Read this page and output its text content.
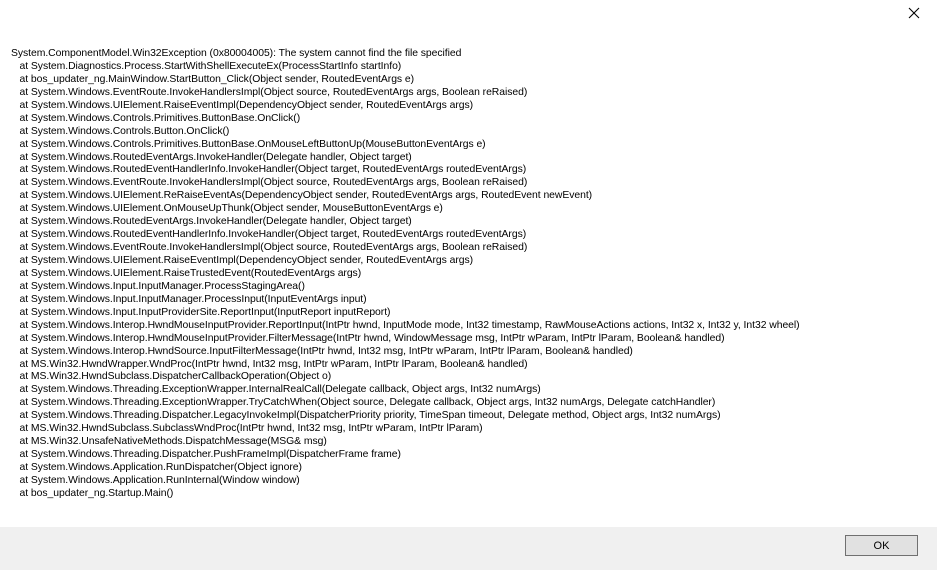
System.ComponentModel.Win32Exception (0x80004005): The system cannot find the file specified
at System.Diagnostics.Process.StartWithShellExecuteEx(ProcessStartInfo startInfo)
at bos_updater_ng.MainWindow.StartButton_Click(Object sender, RoutedEventArgs e)
at System.Windows.EventRoute.InvokeHandlersImpl(Object source, RoutedEventArgs args, Boolean reRaised)
at System.Windows.UIElement.RaiseEventImpl(DependencyObject sender, RoutedEventArgs args)
at System.Windows.Controls.Primitives.ButtonBase.OnClick()
at System.Windows.Controls.Button.OnClick()
at System.Windows.Controls.Primitives.ButtonBase.OnMouseLeftButtonUp(MouseButtonEventArgs e)
at System.Windows.RoutedEventArgs.InvokeHandler(Delegate handler, Object target)
at System.Windows.RoutedEventHandlerInfo.InvokeHandler(Object target, RoutedEventArgs routedEventArgs)
at System.Windows.EventRoute.InvokeHandlersImpl(Object source, RoutedEventArgs args, Boolean reRaised)
at System.Windows.UIElement.ReRaiseEventAs(DependencyObject sender, RoutedEventArgs args, RoutedEvent newEvent)
at System.Windows.UIElement.OnMouseUpThunk(Object sender, MouseButtonEventArgs e)
at System.Windows.RoutedEventArgs.InvokeHandler(Delegate handler, Object target)
at System.Windows.RoutedEventHandlerInfo.InvokeHandler(Object target, RoutedEventArgs routedEventArgs)
at System.Windows.EventRoute.InvokeHandlersImpl(Object source, RoutedEventArgs args, Boolean reRaised)
at System.Windows.UIElement.RaiseEventImpl(DependencyObject sender, RoutedEventArgs args)
at System.Windows.UIElement.RaiseTrustedEvent(RoutedEventArgs args)
at System.Windows.Input.InputManager.ProcessStagingArea()
at System.Windows.Input.InputManager.ProcessInput(InputEventArgs input)
at System.Windows.Input.InputProviderSite.ReportInput(InputReport inputReport)
at System.Windows.Interop.HwndMouseInputProvider.ReportInput(IntPtr hwnd, InputMode mode, Int32 timestamp, RawMouseActions actions, Int32 x, Int32 y, Int32 wheel)
at System.Windows.Interop.HwndMouseInputProvider.FilterMessage(IntPtr hwnd, WindowMessage msg, IntPtr wParam, IntPtr lParam, Boolean& handled)
at System.Windows.Interop.HwndSource.InputFilterMessage(IntPtr hwnd, Int32 msg, IntPtr wParam, IntPtr lParam, Boolean& handled)
at MS.Win32.HwndWrapper.WndProc(IntPtr hwnd, Int32 msg, IntPtr wParam, IntPtr lParam, Boolean& handled)
at MS.Win32.HwndSubclass.DispatcherCallbackOperation(Object o)
at System.Windows.Threading.ExceptionWrapper.InternalRealCall(Delegate callback, Object args, Int32 numArgs)
at System.Windows.Threading.ExceptionWrapper.TryCatchWhen(Object source, Delegate callback, Object args, Int32 numArgs, Delegate catchHandler)
at System.Windows.Threading.Dispatcher.LegacyInvokeImpl(DispatcherPriority priority, TimeSpan timeout, Delegate method, Object args, Int32 numArgs)
at MS.Win32.HwndSubclass.SubclassWndProc(IntPtr hwnd, Int32 msg, IntPtr wParam, IntPtr lParam)
at MS.Win32.UnsafeNativeMethods.DispatchMessage(MSG& msg)
at System.Windows.Threading.Dispatcher.PushFrameImpl(DispatcherFrame frame)
at System.Windows.Application.RunDispatcher(Object ignore)
at System.Windows.Application.RunInternal(Window window)
at bos_updater_ng.Startup.Main()
OK
